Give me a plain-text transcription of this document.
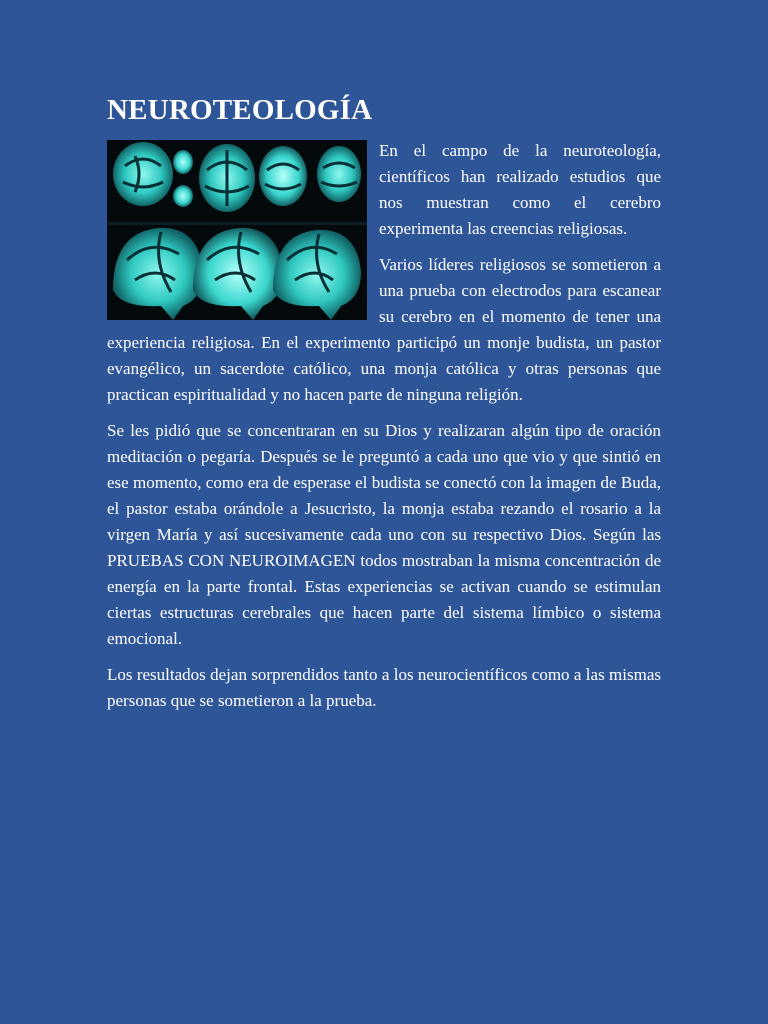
NEUROTEOLOGÍA

En el campo de la neuroteología, científicos han realizado estudios que nos muestran como el cerebro experimenta las creencias religiosas.

Varios líderes religiosos se sometieron a una prueba con electrodos para escanear su cerebro en el momento de tener una experiencia religiosa. En el experimento participó un monje budista, un pastor evangélico, un sacerdote católico, una monja católica y otras personas que practican espiritualidad y no hacen parte de ninguna religión.

Se les pidió que se concentraran en su Dios y realizaran algún tipo de oración meditación o pegaría. Después se le preguntó a cada uno que vio y que sintió en ese momento, como era de esperase el budista se conectó con la imagen de Buda, el pastor estaba orándole a Jesucristo, la monja estaba rezando el rosario a la virgen María y así sucesivamente cada uno con su respectivo Dios. Según las PRUEBAS CON NEUROIMAGEN todos mostraban la misma concentración de energía en la parte frontal. Estas experiencias se activan cuando se estimulan ciertas estructuras cerebrales que hacen parte del sistema límbico o sistema emocional.

Los resultados dejan sorprendidos tanto a los neurocientíficos como a las mismas personas que se sometieron a la prueba.
